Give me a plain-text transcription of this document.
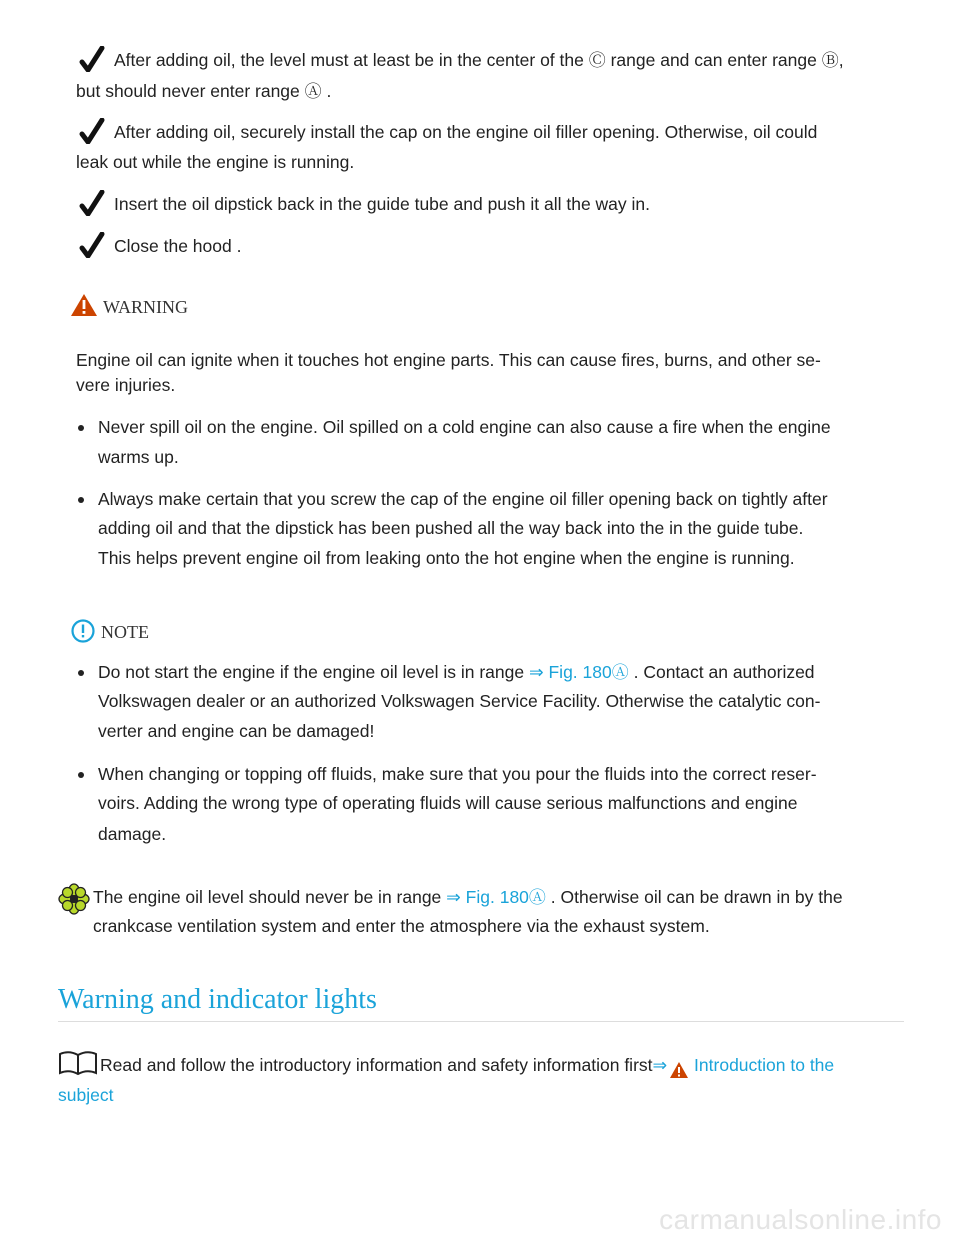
After adding oil, the level must at least be in the center of the Ⓒ range and can enter range Ⓑ,
but should never enter range Ⓐ .
After adding oil, securely install the cap on the engine oil filler opening. Otherwise, oil could
leak out while the engine is running.
Insert the oil dipstick back in the guide tube and push it all the way in.
Close the hood .
WARNING
Engine oil can ignite when it touches hot engine parts. This can cause fires, burns, and other se-
vere injuries.
Never spill oil on the engine. Oil spilled on a cold engine can also cause a fire when the engine
warms up.
Always make certain that you screw the cap of the engine oil filler opening back on tightly after
adding oil and that the dipstick has been pushed all the way back into the in the guide tube.
This helps prevent engine oil from leaking onto the hot engine when the engine is running.
NOTE
Do not start the engine if the engine oil level is in range ⇒ Fig. 180Ⓐ . Contact an authorized
Volkswagen dealer or an authorized Volkswagen Service Facility. Otherwise the catalytic con-
verter and engine can be damaged!
When changing or topping off fluids, make sure that you pour the fluids into the correct reser-
voirs. Adding the wrong type of operating fluids will cause serious malfunctions and engine
damage.
The engine oil level should never be in range ⇒ Fig. 180Ⓐ . Otherwise oil can be drawn in by the
crankcase ventilation system and enter the atmosphere via the exhaust system.
Warning and indicator lights
Read and follow the introductory information and safety information first⇒ Introduction to the
subject
carmanualsonline.info
